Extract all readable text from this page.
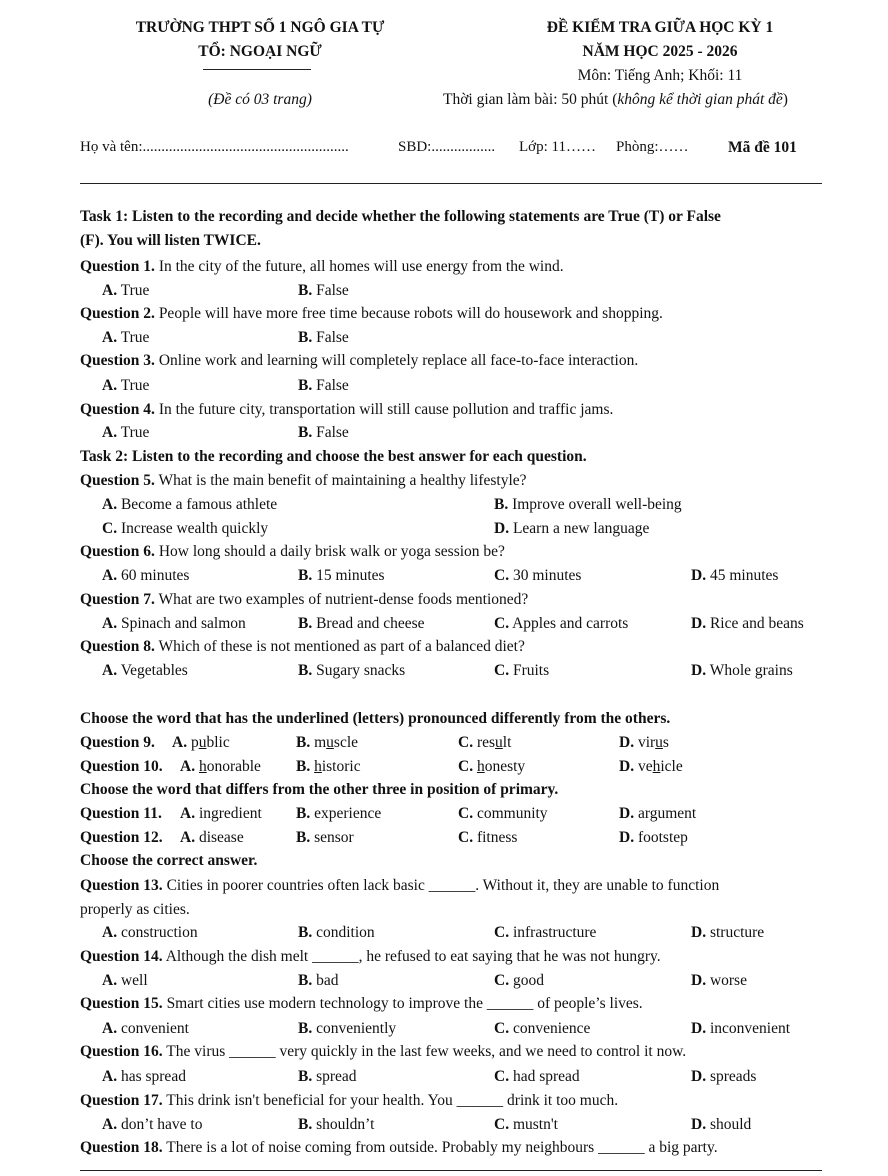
TRƯỜNG THPT SỐ 1 NGÔ GIA TỰ
TỔ: NGOẠI NGỮ
(Đề có 03 trang)
ĐỀ KIỂM TRA GIỮA HỌC KỲ 1
NĂM HỌC 2025 - 2026
Môn: Tiếng Anh; Khối: 11
Thời gian làm bài: 50 phút (không kể thời gian phát đề)
Họ và tên:.......................................................	SBD:................. Lớp: 11…… Phòng:……	Mã đề 101
Task 1: Listen to the recording and decide whether the following statements are True (T) or False
(F). You will listen TWICE.
Question 1. In the city of the future, all homes will use energy from the wind.
A. True	B. False
Question 2. People will have more free time because robots will do housework and shopping.
A. True	B. False
Question 3. Online work and learning will completely replace all face-to-face interaction.
A. True	B. False
Question 4. In the future city, transportation will still cause pollution and traffic jams.
A. True	B. False
Task 2: Listen to the recording and choose the best answer for each question.
Question 5. What is the main benefit of maintaining a healthy lifestyle?
A. Become a famous athlete	B. Improve overall well-being
C. Increase wealth quickly	D. Learn a new language
Question 6. How long should a daily brisk walk or yoga session be?
A. 60 minutes	B. 15 minutes	C. 30 minutes	D. 45 minutes
Question 7. What are two examples of nutrient-dense foods mentioned?
A. Spinach and salmon	B. Bread and cheese	C. Apples and carrots	D. Rice and beans
Question 8. Which of these is not mentioned as part of a balanced diet?
A. Vegetables	B. Sugary snacks	C. Fruits	D. Whole grains
Choose the word that has the underlined (letters) pronounced differently from the others.
Question 9. A. public	B. muscle	C. result	D. virus
Question 10. A. honorable B. historic	C. honesty	D. vehicle
Choose the word that differs from the other three in position of primary.
Question 11. A. ingredient B. experience	C. community	D. argument
Question 12. A. disease	B. sensor	C. fitness	D. footstep
Choose the correct answer.
Question 13. Cities in poorer countries often lack basic ______. Without it, they are unable to function
properly as cities.
A. construction	B. condition	C. infrastructure	D. structure
Question 14. Although the dish melt ______, he refused to eat saying that he was not hungry.
A. well	B. bad	C. good	D. worse
Question 15. Smart cities use modern technology to improve the ______ of people’s lives.
A. convenient	B. conveniently	C. convenience	D. inconvenient
Question 16. The virus ______ very quickly in the last few weeks, and we need to control it now.
A. has spread	B. spread	C. had spread	D. spreads
Question 17. This drink isn't beneficial for your health. You ______ drink it too much.
A. don’t have to	B. shouldn’t	C. mustn't	D. should
Question 18. There is a lot of noise coming from outside. Probably my neighbours ______ a big party.
